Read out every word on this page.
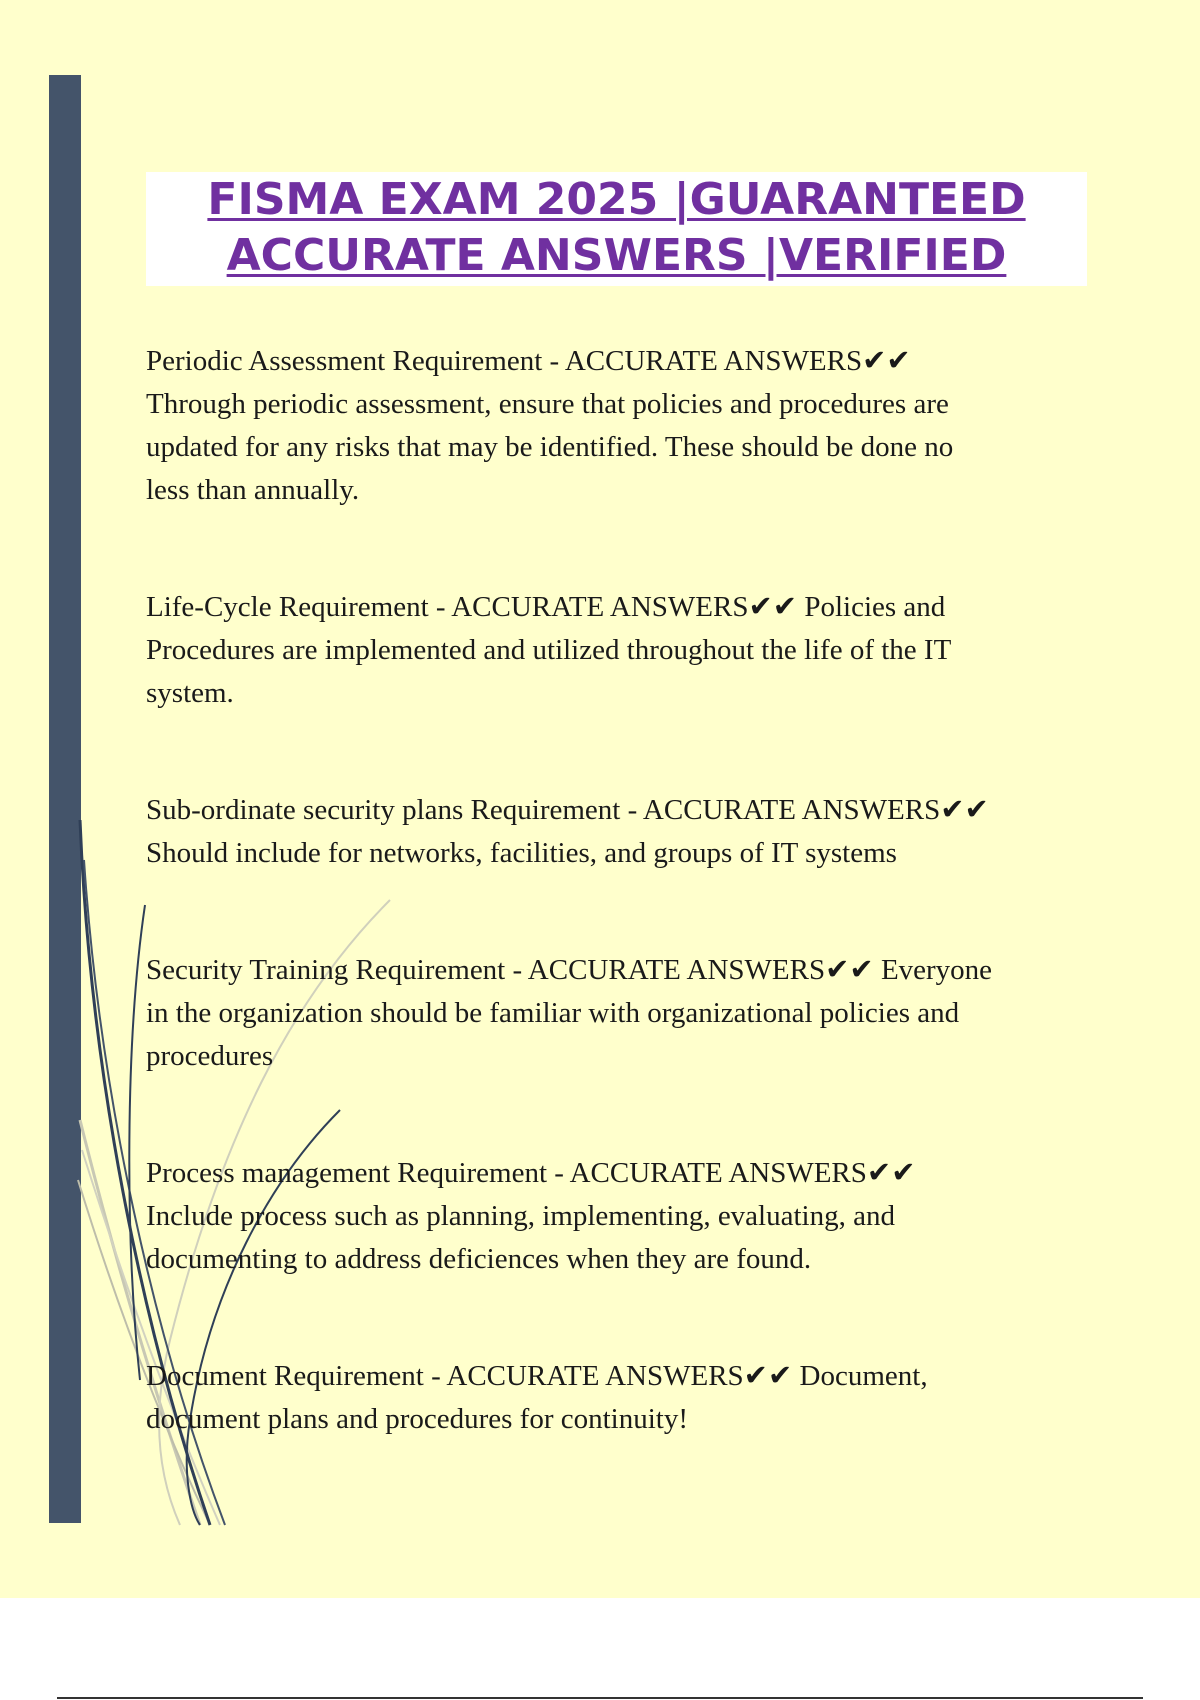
FISMA EXAM 2025 |GUARANTEED
ACCURATE ANSWERS |VERIFIED

Periodic Assessment Requirement - ACCURATE ANSWERS✔✔
Through periodic assessment, ensure that policies and procedures are
updated for any risks that may be identified. These should be done no
less than annually.

Life-Cycle Requirement - ACCURATE ANSWERS✔✔ Policies and
Procedures are implemented and utilized throughout the life of the IT
system.

Sub-ordinate security plans Requirement - ACCURATE ANSWERS✔✔
Should include for networks, facilities, and groups of IT systems

Security Training Requirement - ACCURATE ANSWERS✔✔ Everyone
in the organization should be familiar with organizational policies and
procedures

Process management Requirement - ACCURATE ANSWERS✔✔
Include process such as planning, implementing, evaluating, and
documenting to address deficiences when they are found.

Document Requirement - ACCURATE ANSWERS✔✔ Document,
document plans and procedures for continuity!
